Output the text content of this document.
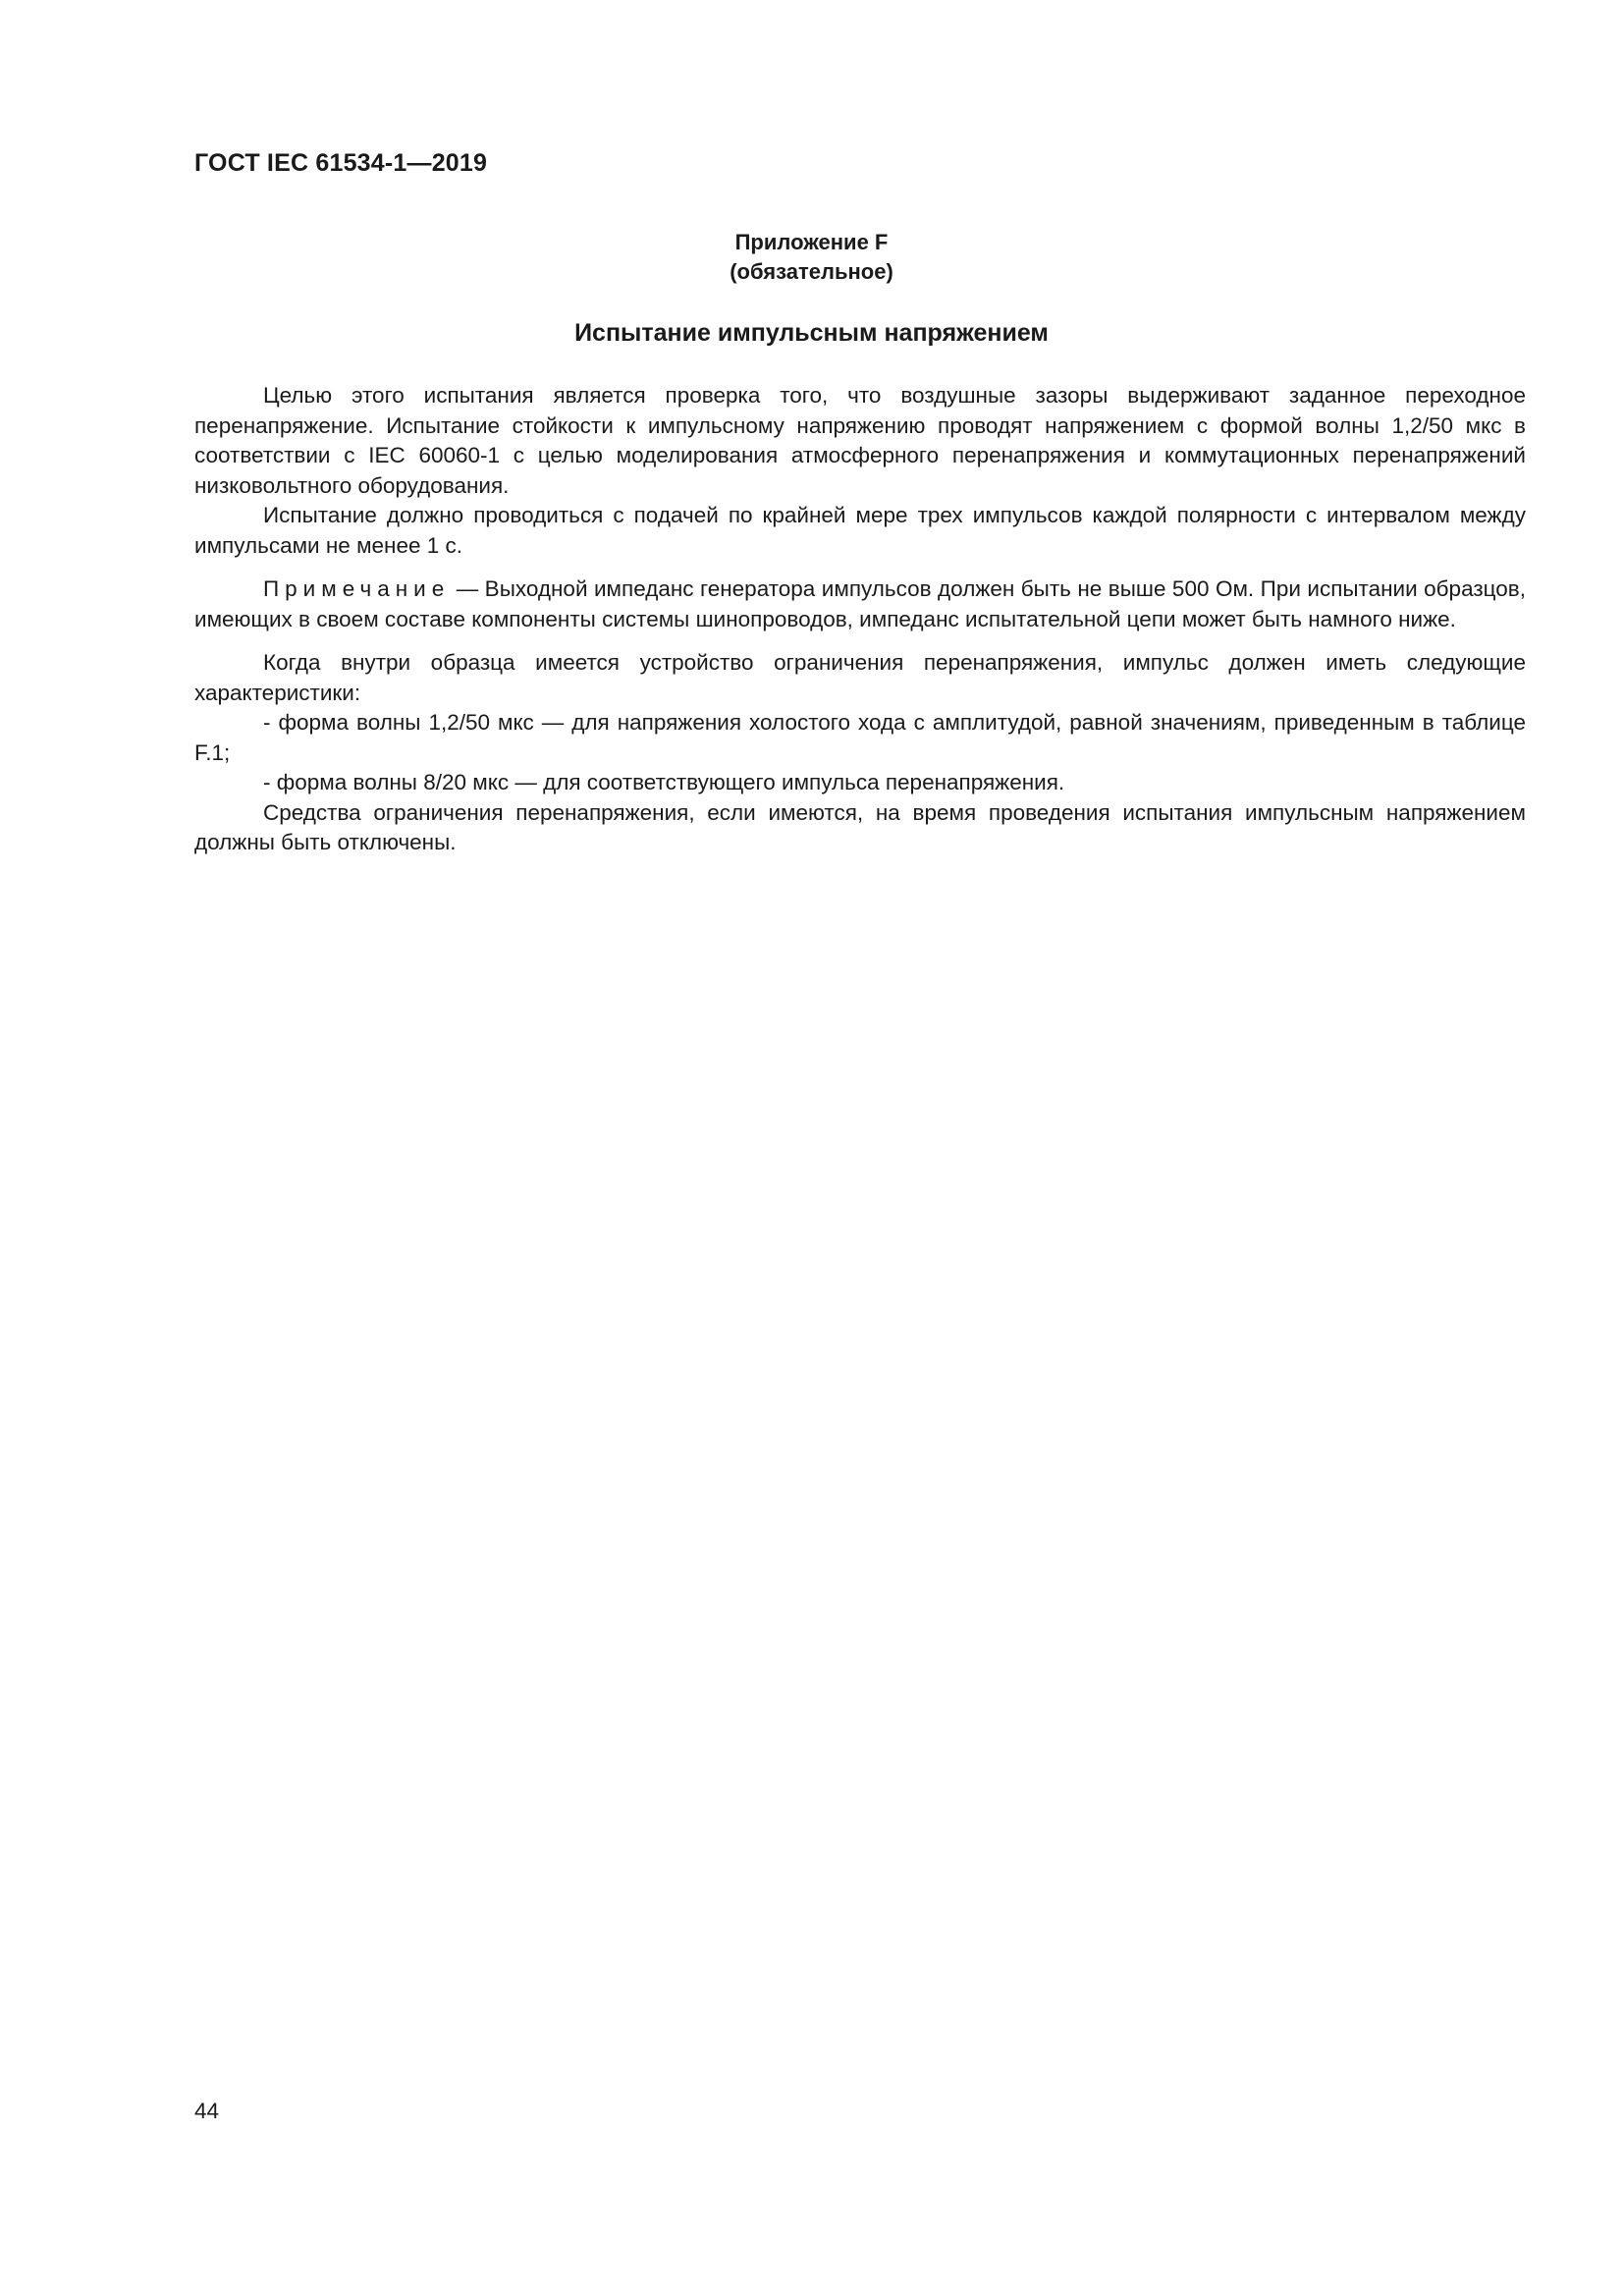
ГОСТ IEC 61534-1—2019
Приложение F
(обязательное)
Испытание импульсным напряжением

Целью этого испытания является проверка того, что воздушные зазоры выдерживают заданное переходное перенапряжение. Испытание стойкости к импульсному напряжению проводят напряжением с формой волны 1,2/50 мкс в соответствии с IEC 60060-1 с целью моделирования атмосферного перенапряжения и коммутационных перенапряжений низковольтного оборудования.

Испытание должно проводиться с подачей по крайней мере трех импульсов каждой полярности с интервалом между импульсами не менее 1 с.

Примечание — Выходной импеданс генератора импульсов должен быть не выше 500 Ом. При испытании образцов, имеющих в своем составе компоненты системы шинопроводов, импеданс испытательной цепи может быть намного ниже.

Когда внутри образца имеется устройство ограничения перенапряжения, импульс должен иметь следующие характеристики:

- форма волны 1,2/50 мкс — для напряжения холостого хода с амплитудой, равной значениям, приведенным в таблице F.1;

- форма волны 8/20 мкс — для соответствующего импульса перенапряжения.

Средства ограничения перенапряжения, если имеются, на время проведения испытания импульсным напряжением должны быть отключены.

44
